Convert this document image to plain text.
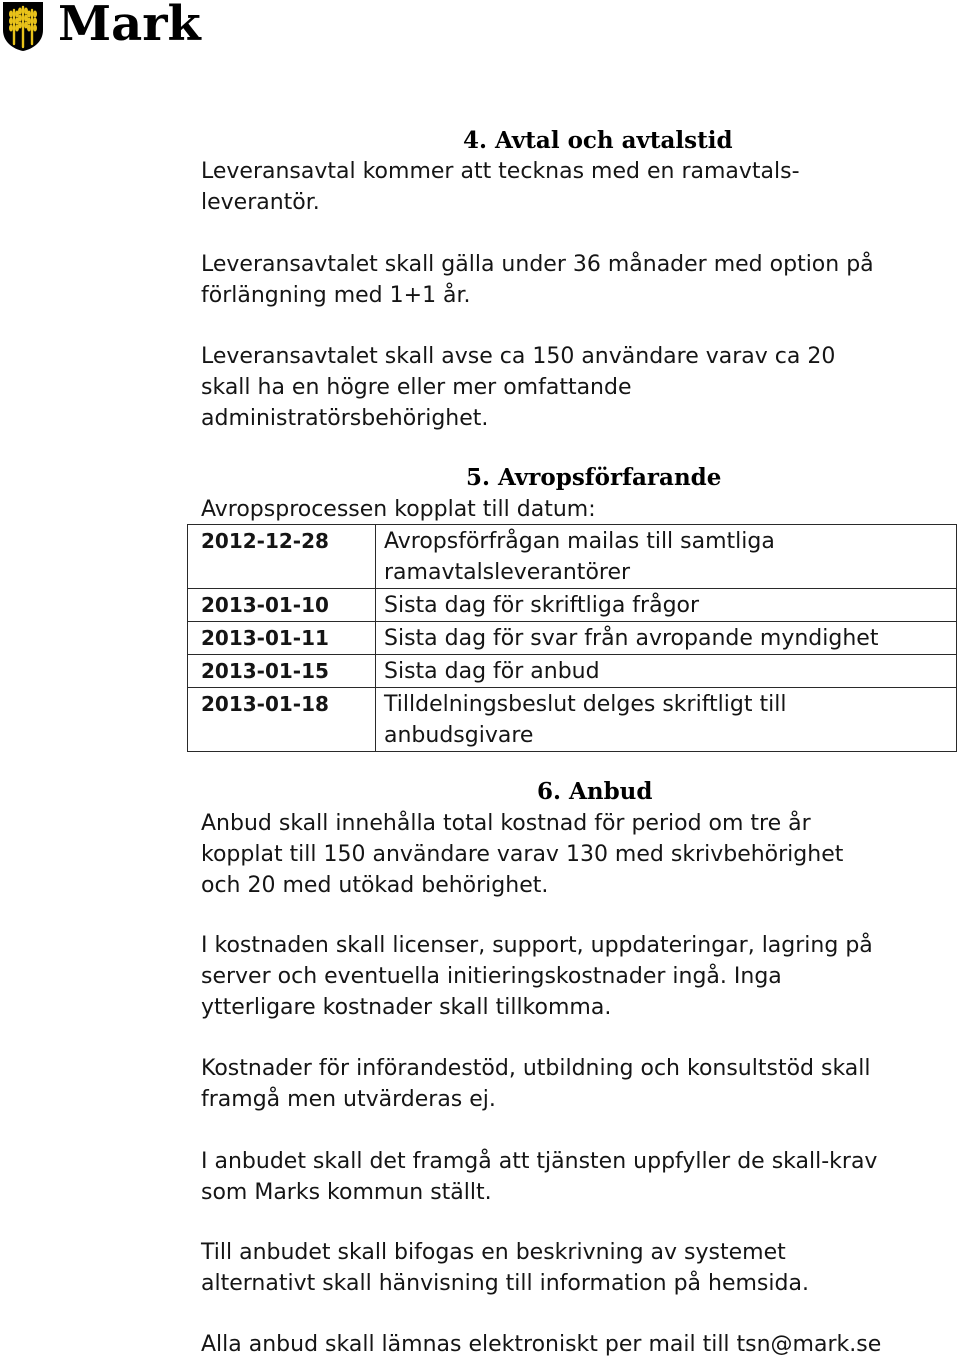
Mark
4. Avtal och avtalstid
Leveransavtal kommer att tecknas med en ramavtals-
leverantör.
Leveransavtalet skall gälla under 36 månader med option på
förlängning med 1+1 år.
Leveransavtalet skall avse ca 150 användare varav ca 20
skall ha en högre eller mer omfattande
administratörsbehörighet.
5. Avropsförfarande
Avropsprocessen kopplat till datum:
2012-12-28	Avropsförfrågan mailas till samtliga
ramavtalsleverantörer

2013-01-10	Sista dag för skriftliga frågor

2013-01-11	Sista dag för svar från avropande myndighet

2013-01-15	Sista dag för anbud

2013-01-18	Tilldelningsbeslut delges skriftligt till
anbudsgivare
6. Anbud
Anbud skall innehålla total kostnad för period om tre år
kopplat till 150 användare varav 130 med skrivbehörighet
och 20 med utökad behörighet.
I kostnaden skall licenser, support, uppdateringar, lagring på
server och eventuella initieringskostnader ingå. Inga
ytterligare kostnader skall tillkomma.
Kostnader för införandestöd, utbildning och konsultstöd skall
framgå men utvärderas ej.
I anbudet skall det framgå att tjänsten uppfyller de skall-krav
som Marks kommun ställt.
Till anbudet skall bifogas en beskrivning av systemet
alternativt skall hänvisning till information på hemsida.
Alla anbud skall lämnas elektroniskt per mail till tsn@mark.se
